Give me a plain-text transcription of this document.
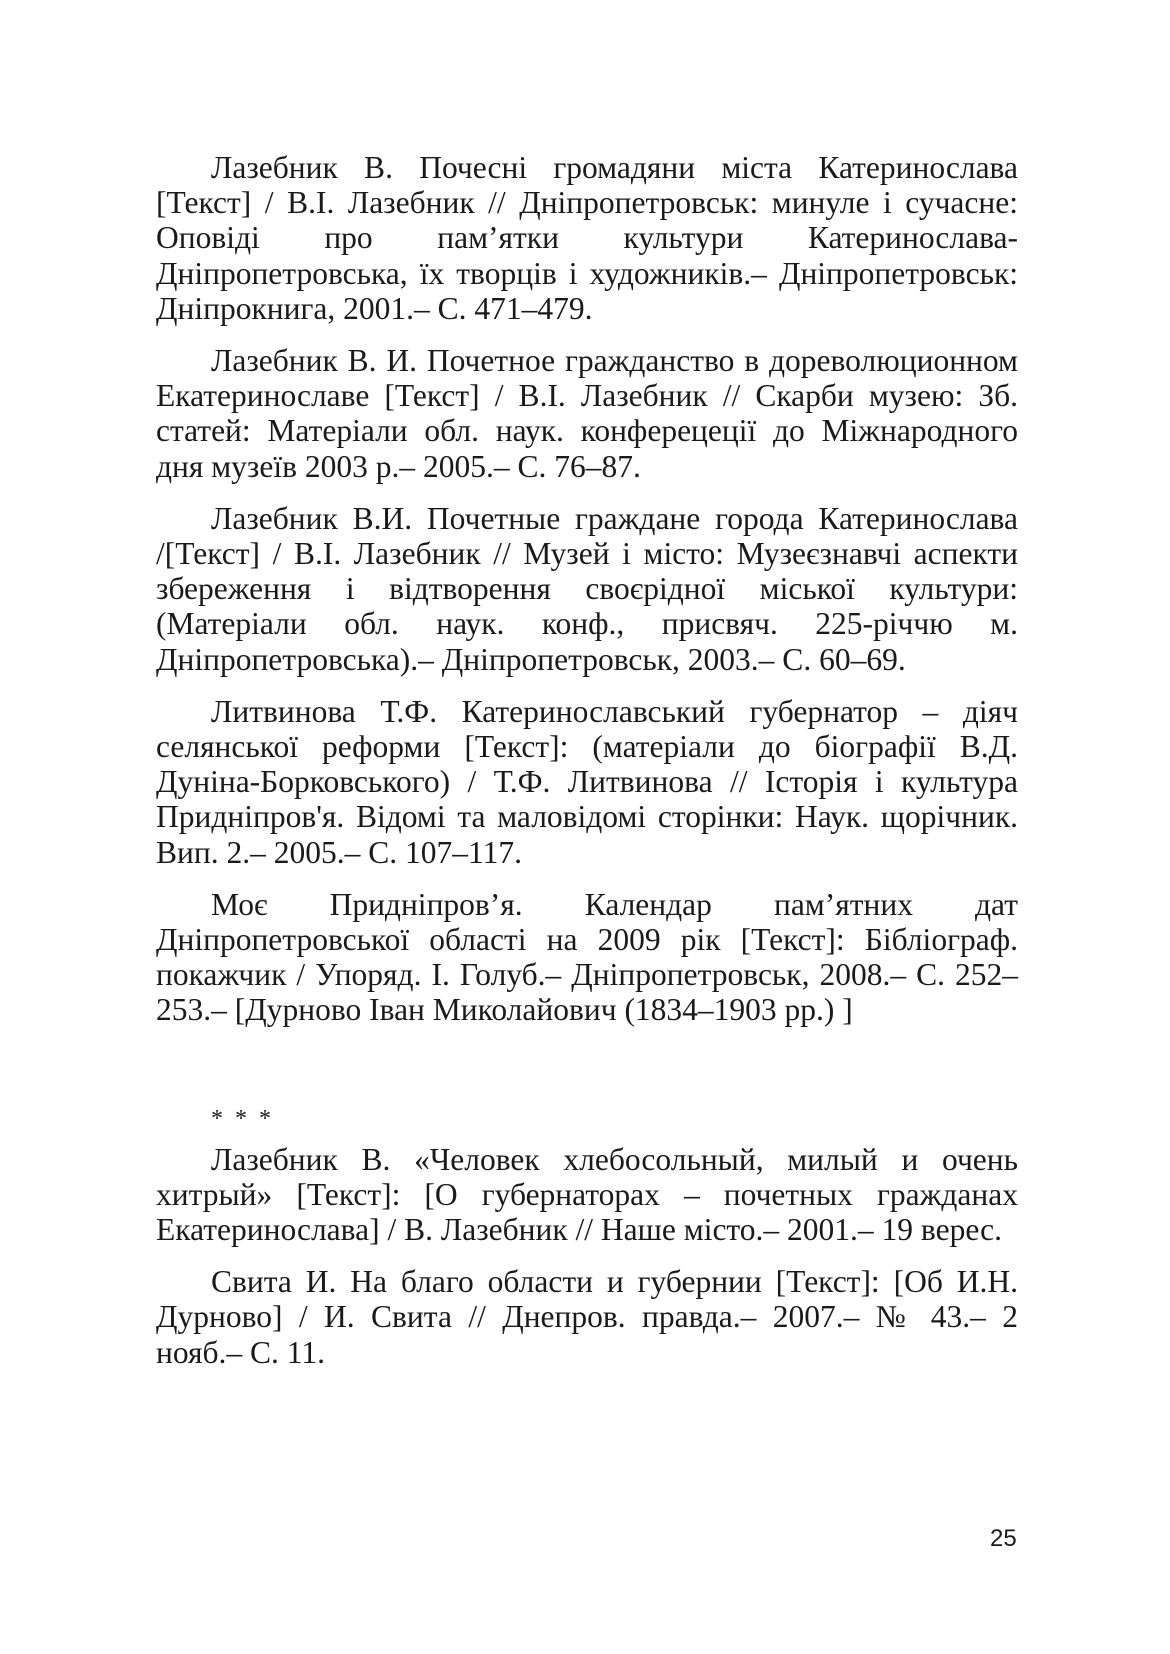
Лазебник В. Почесні громадяни міста Катеринослава [Текст] / В.І. Лазебник // Дніпропетровськ: минуле і сучасне: Оповіді про пам’ятки культури Катеринослава-Дніпропетровська, їх творців і художників.– Дніпропетровськ: Дніпрокнига, 2001.– С. 471–479.

Лазебник В. И. Почетное гражданство в дореволюционном Екатеринославе [Текст] / В.І. Лазебник // Скарби музею: Зб. статей: Матеріали обл. наук. конферецеції до Міжнародного дня музеїв 2003 р.– 2005.– С. 76–87.

Лазебник В.И. Почетные граждане города Катеринослава /[Текст] / В.І. Лазебник // Музей і місто: Музеєзнавчі аспекти збереження і відтворення своєрідної міської культури: (Матеріали обл. наук. конф., присвяч. 225-річчю м. Дніпропетровська).– Дніпропетровськ, 2003.– С. 60–69.

Литвинова Т.Ф. Катеринославський губернатор – діяч селянської реформи [Текст]: (матеріали до біографії В.Д. Дуніна-Борковського) / Т.Ф. Литвинова // Історія і культура Придніпров'я. Відомі та маловідомі сторінки: Наук. щорічник. Вип. 2.– 2005.– С. 107–117.

Моє Придніпров’я. Календар пам’ятних дат Дніпропетровської області на 2009 рік [Текст]: Бібліограф. покажчик / Упоряд. І. Голуб.– Дніпропетровськ, 2008.– С. 252–253.– [Дурново Іван Миколайович (1834–1903 рр.) ]

* * *

Лазебник В. «Человек хлебосольный, милый и очень хитрый» [Текст]: [О губернаторах – почетных гражданах Екатеринослава] / В. Лазебник // Наше місто.– 2001.– 19 верес.

Свита И. На благо области и губернии [Текст]: [Об И.Н. Дурново] / И. Свита // Днепров. правда.– 2007.– № 43.– 2 нояб.– С. 11.

25
